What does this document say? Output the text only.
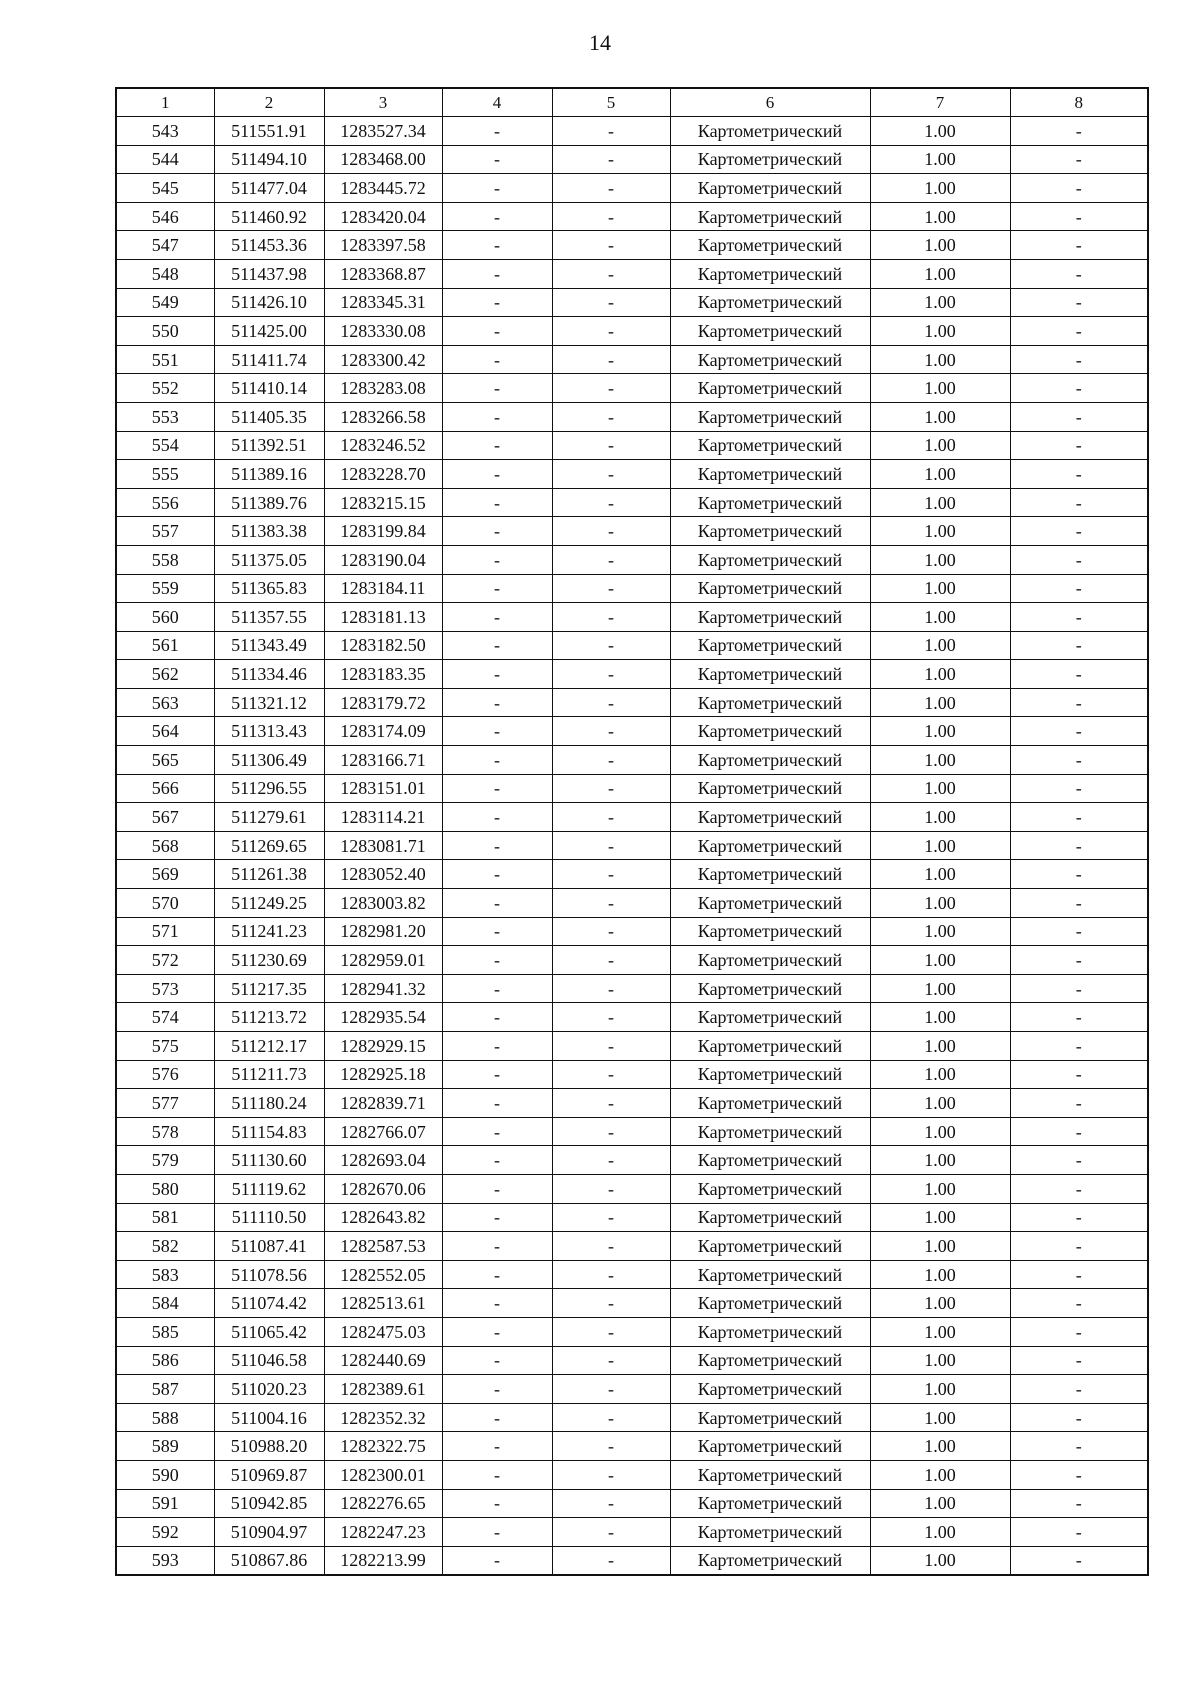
14
1	2	3	4	5	6	7	8
543	511551.91	1283527.34	-	-	Картометрический	1.00	-
544	511494.10	1283468.00	-	-	Картометрический	1.00	-
545	511477.04	1283445.72	-	-	Картометрический	1.00	-
546	511460.92	1283420.04	-	-	Картометрический	1.00	-
547	511453.36	1283397.58	-	-	Картометрический	1.00	-
548	511437.98	1283368.87	-	-	Картометрический	1.00	-
549	511426.10	1283345.31	-	-	Картометрический	1.00	-
550	511425.00	1283330.08	-	-	Картометрический	1.00	-
551	511411.74	1283300.42	-	-	Картометрический	1.00	-
552	511410.14	1283283.08	-	-	Картометрический	1.00	-
553	511405.35	1283266.58	-	-	Картометрический	1.00	-
554	511392.51	1283246.52	-	-	Картометрический	1.00	-
555	511389.16	1283228.70	-	-	Картометрический	1.00	-
556	511389.76	1283215.15	-	-	Картометрический	1.00	-
557	511383.38	1283199.84	-	-	Картометрический	1.00	-
558	511375.05	1283190.04	-	-	Картометрический	1.00	-
559	511365.83	1283184.11	-	-	Картометрический	1.00	-
560	511357.55	1283181.13	-	-	Картометрический	1.00	-
561	511343.49	1283182.50	-	-	Картометрический	1.00	-
562	511334.46	1283183.35	-	-	Картометрический	1.00	-
563	511321.12	1283179.72	-	-	Картометрический	1.00	-
564	511313.43	1283174.09	-	-	Картометрический	1.00	-
565	511306.49	1283166.71	-	-	Картометрический	1.00	-
566	511296.55	1283151.01	-	-	Картометрический	1.00	-
567	511279.61	1283114.21	-	-	Картометрический	1.00	-
568	511269.65	1283081.71	-	-	Картометрический	1.00	-
569	511261.38	1283052.40	-	-	Картометрический	1.00	-
570	511249.25	1283003.82	-	-	Картометрический	1.00	-
571	511241.23	1282981.20	-	-	Картометрический	1.00	-
572	511230.69	1282959.01	-	-	Картометрический	1.00	-
573	511217.35	1282941.32	-	-	Картометрический	1.00	-
574	511213.72	1282935.54	-	-	Картометрический	1.00	-
575	511212.17	1282929.15	-	-	Картометрический	1.00	-
576	511211.73	1282925.18	-	-	Картометрический	1.00	-
577	511180.24	1282839.71	-	-	Картометрический	1.00	-
578	511154.83	1282766.07	-	-	Картометрический	1.00	-
579	511130.60	1282693.04	-	-	Картометрический	1.00	-
580	511119.62	1282670.06	-	-	Картометрический	1.00	-
581	511110.50	1282643.82	-	-	Картометрический	1.00	-
582	511087.41	1282587.53	-	-	Картометрический	1.00	-
583	511078.56	1282552.05	-	-	Картометрический	1.00	-
584	511074.42	1282513.61	-	-	Картометрический	1.00	-
585	511065.42	1282475.03	-	-	Картометрический	1.00	-
586	511046.58	1282440.69	-	-	Картометрический	1.00	-
587	511020.23	1282389.61	-	-	Картометрический	1.00	-
588	511004.16	1282352.32	-	-	Картометрический	1.00	-
589	510988.20	1282322.75	-	-	Картометрический	1.00	-
590	510969.87	1282300.01	-	-	Картометрический	1.00	-
591	510942.85	1282276.65	-	-	Картометрический	1.00	-
592	510904.97	1282247.23	-	-	Картометрический	1.00	-
593	510867.86	1282213.99	-	-	Картометрический	1.00	-
